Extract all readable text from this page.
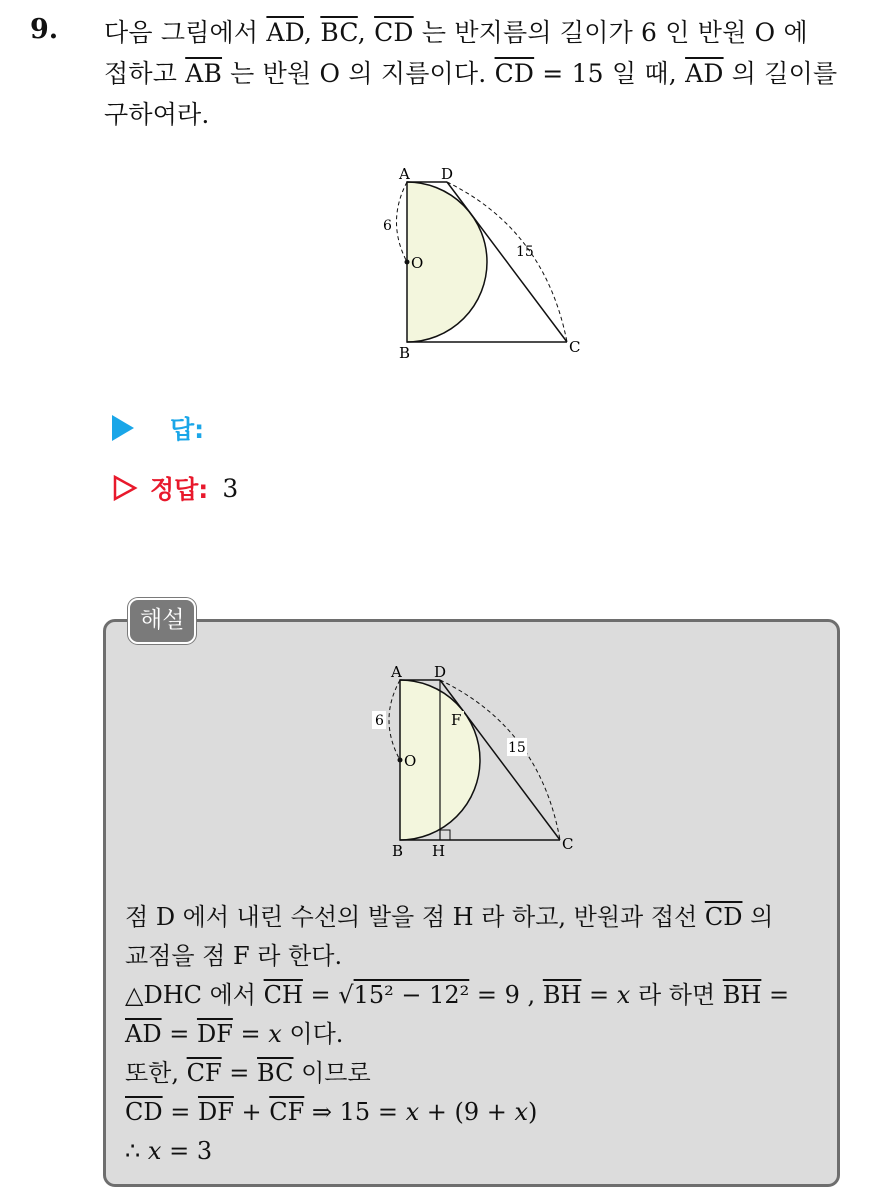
9. 다음 그림에서 $\overline{AD}$, $\overline{BC}$, $\overline{CD}$ 는 반지름의 길이가 6 인 반원 O 에
접하고 $\overline{AB}$ 는 반원 O 의 지름이다. $\overline{CD} = 15$ 일 때, $\overline{AD}$ 의 길이를
구하여라.
A D
6
O
15
B	C
답:
정답: 3
해설
A D
6	F
O
15
B H	C
점 D 에서 내린 수선의 발을 점 H 라 하고, 반원과 접선 $\overline{CD}$ 의
교점을 점 F 라 한다.
△DHC 에서 $\overline{CH} = √15^2 - 12^2 = 9$ , $\overline{BH} = x$ 라 하면 $\overline{BH}$ =
$\overline{AD} = \overline{DF} = x$ 이다.
또한, $\overline{CF} = \overline{BC}$ 이므로
$\overline{CD} = \overline{DF} + \overline{CF}$ ⇒ 15 = x + (9 + x)
∴ x = 3
